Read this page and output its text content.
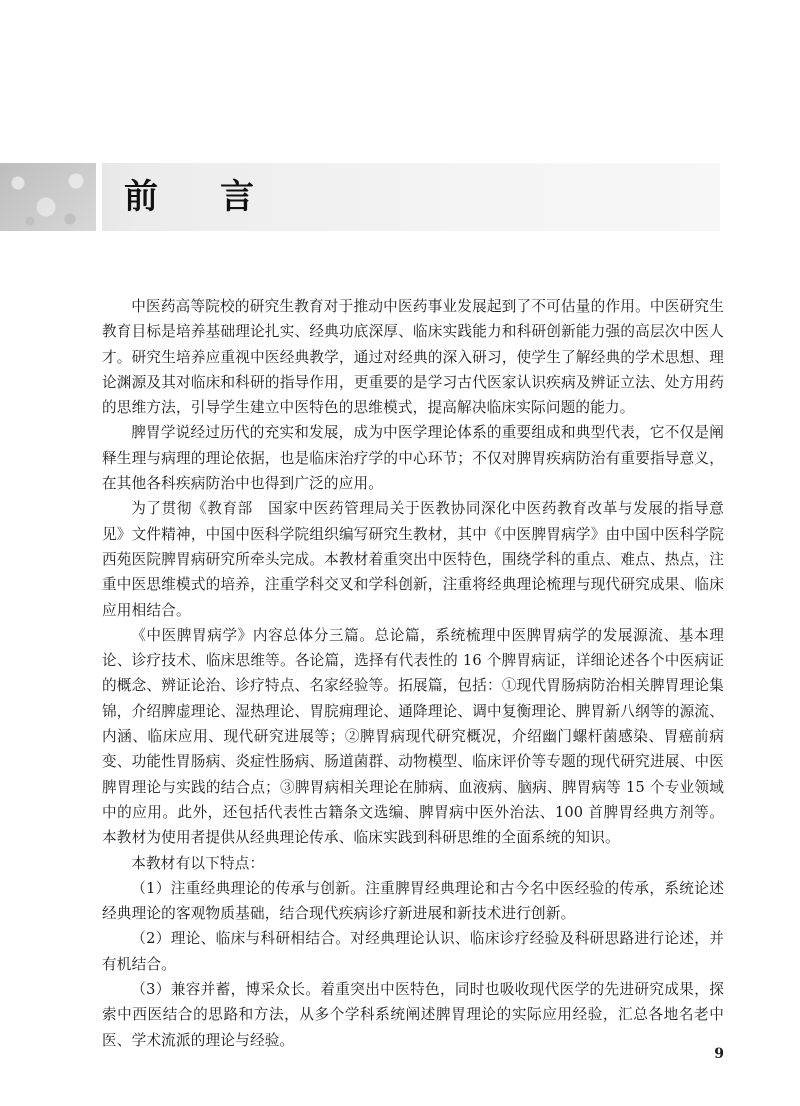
前言

中医药高等院校的研究生教育对于推动中医药事业发展起到了不可估量的作用。中医研究生教育目标是培养基础理论扎实、经典功底深厚、临床实践能力和科研创新能力强的高层次中医人才。研究生培养应重视中医经典教学，通过对经典的深入研习，使学生了解经典的学术思想、理论渊源及其对临床和科研的指导作用，更重要的是学习古代医家认识疾病及辨证立法、处方用药的思维方法，引导学生建立中医特色的思维模式，提高解决临床实际问题的能力。

脾胃学说经过历代的充实和发展，成为中医学理论体系的重要组成和典型代表，它不仅是阐释生理与病理的理论依据，也是临床治疗学的中心环节；不仅对脾胃疾病防治有重要指导意义，在其他各科疾病防治中也得到广泛的应用。

为了贯彻《教育部　国家中医药管理局关于医教协同深化中医药教育改革与发展的指导意见》文件精神，中国中医科学院组织编写研究生教材，其中《中医脾胃病学》由中国中医科学院西苑医院脾胃病研究所牵头完成。本教材着重突出中医特色，围绕学科的重点、难点、热点，注重中医思维模式的培养，注重学科交叉和学科创新，注重将经典理论梳理与现代研究成果、临床应用相结合。

《中医脾胃病学》内容总体分三篇。总论篇，系统梳理中医脾胃病学的发展源流、基本理论、诊疗技术、临床思维等。各论篇，选择有代表性的 16 个脾胃病证，详细论述各个中医病证的概念、辨证论治、诊疗特点、名家经验等。拓展篇，包括：①现代胃肠病防治相关脾胃理论集锦，介绍脾虚理论、湿热理论、胃脘痈理论、通降理论、调中复衡理论、脾胃新八纲等的源流、内涵、临床应用、现代研究进展等；②脾胃病现代研究概况，介绍幽门螺杆菌感染、胃癌前病变、功能性胃肠病、炎症性肠病、肠道菌群、动物模型、临床评价等专题的现代研究进展、中医脾胃理论与实践的结合点；③脾胃病相关理论在肺病、血液病、脑病、脾胃病等 15 个专业领域中的应用。此外，还包括代表性古籍条文选编、脾胃病中医外治法、100 首脾胃经典方剂等。本教材为使用者提供从经典理论传承、临床实践到科研思维的全面系统的知识。

本教材有以下特点：

（1）注重经典理论的传承与创新。注重脾胃经典理论和古今名中医经验的传承，系统论述经典理论的客观物质基础，结合现代疾病诊疗新进展和新技术进行创新。

（2）理论、临床与科研相结合。对经典理论认识、临床诊疗经验及科研思路进行论述，并有机结合。

（3）兼容并蓄，博采众长。着重突出中医特色，同时也吸收现代医学的先进研究成果，探索中西医结合的思路和方法，从多个学科系统阐述脾胃理论的实际应用经验，汇总各地名老中医、学术流派的理论与经验。

9
